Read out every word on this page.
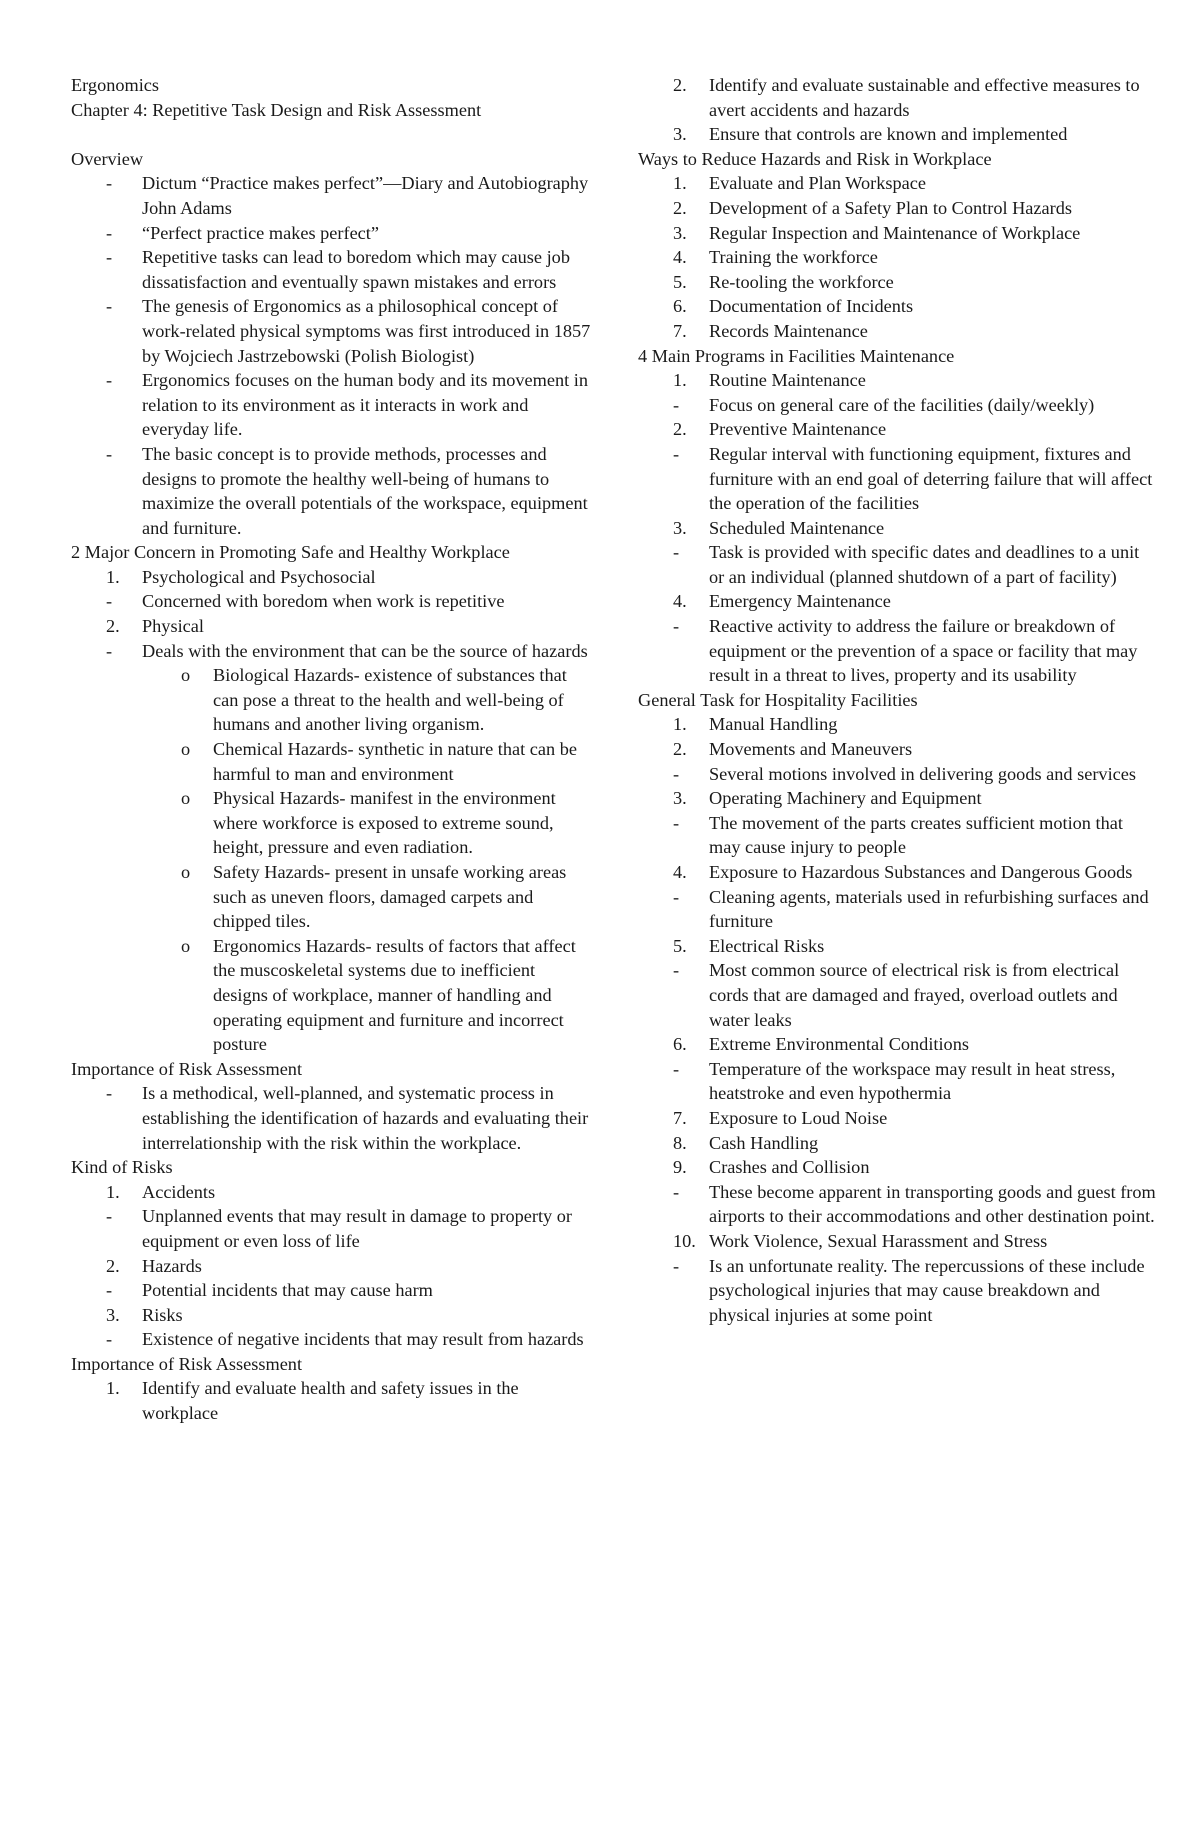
Ergonomics
Chapter 4: Repetitive Task Design and Risk Assessment
Overview
- Dictum “Practice makes perfect”—Diary and Autobiography John Adams
- “Perfect practice makes perfect”
- Repetitive tasks can lead to boredom which may cause job dissatisfaction and eventually spawn mistakes and errors
- The genesis of Ergonomics as a philosophical concept of work-related physical symptoms was first introduced in 1857 by Wojciech Jastrzebowski (Polish Biologist)
- Ergonomics focuses on the human body and its movement in relation to its environment as it interacts in work and everyday life.
- The basic concept is to provide methods, processes and designs to promote the healthy well-being of humans to maximize the overall potentials of the workspace, equipment and furniture.
2 Major Concern in Promoting Safe and Healthy Workplace
1. Psychological and Psychosocial
- Concerned with boredom when work is repetitive
2. Physical
- Deals with the environment that can be the source of hazards
o Biological Hazards- existence of substances that can pose a threat to the health and well-being of humans and another living organism.
o Chemical Hazards- synthetic in nature that can be harmful to man and environment
o Physical Hazards- manifest in the environment where workforce is exposed to extreme sound, height, pressure and even radiation.
o Safety Hazards- present in unsafe working areas such as uneven floors, damaged carpets and chipped tiles.
o Ergonomics Hazards- results of factors that affect the muscoskeletal systems due to inefficient designs of workplace, manner of handling and operating equipment and furniture and incorrect posture
Importance of Risk Assessment
- Is a methodical, well-planned, and systematic process in establishing the identification of hazards and evaluating their interrelationship with the risk within the workplace.
Kind of Risks
1. Accidents
- Unplanned events that may result in damage to property or equipment or even loss of life
2. Hazards
- Potential incidents that may cause harm
3. Risks
- Existence of negative incidents that may result from hazards
Importance of Risk Assessment
1. Identify and evaluate health and safety issues in the workplace
2. Identify and evaluate sustainable and effective measures to avert accidents and hazards
3. Ensure that controls are known and implemented
Ways to Reduce Hazards and Risk in Workplace
1. Evaluate and Plan Workspace
2. Development of a Safety Plan to Control Hazards
3. Regular Inspection and Maintenance of Workplace
4. Training the workforce
5. Re-tooling the workforce
6. Documentation of Incidents
7. Records Maintenance
4 Main Programs in Facilities Maintenance
1. Routine Maintenance
- Focus on general care of the facilities (daily/weekly)
2. Preventive Maintenance
- Regular interval with functioning equipment, fixtures and furniture with an end goal of deterring failure that will affect the operation of the facilities
3. Scheduled Maintenance
- Task is provided with specific dates and deadlines to a unit or an individual (planned shutdown of a part of facility)
4. Emergency Maintenance
- Reactive activity to address the failure or breakdown of equipment or the prevention of a space or facility that may result in a threat to lives, property and its usability
General Task for Hospitality Facilities
1. Manual Handling
2. Movements and Maneuvers
- Several motions involved in delivering goods and services
3. Operating Machinery and Equipment
- The movement of the parts creates sufficient motion that may cause injury to people
4. Exposure to Hazardous Substances and Dangerous Goods
- Cleaning agents, materials used in refurbishing surfaces and furniture
5. Electrical Risks
- Most common source of electrical risk is from electrical cords that are damaged and frayed, overload outlets and water leaks
6. Extreme Environmental Conditions
- Temperature of the workspace may result in heat stress, heatstroke and even hypothermia
7. Exposure to Loud Noise
8. Cash Handling
9. Crashes and Collision
- These become apparent in transporting goods and guest from airports to their accommodations and other destination point.
10. Work Violence, Sexual Harassment and Stress
- Is an unfortunate reality. The repercussions of these include psychological injuries that may cause breakdown and physical injuries at some point
